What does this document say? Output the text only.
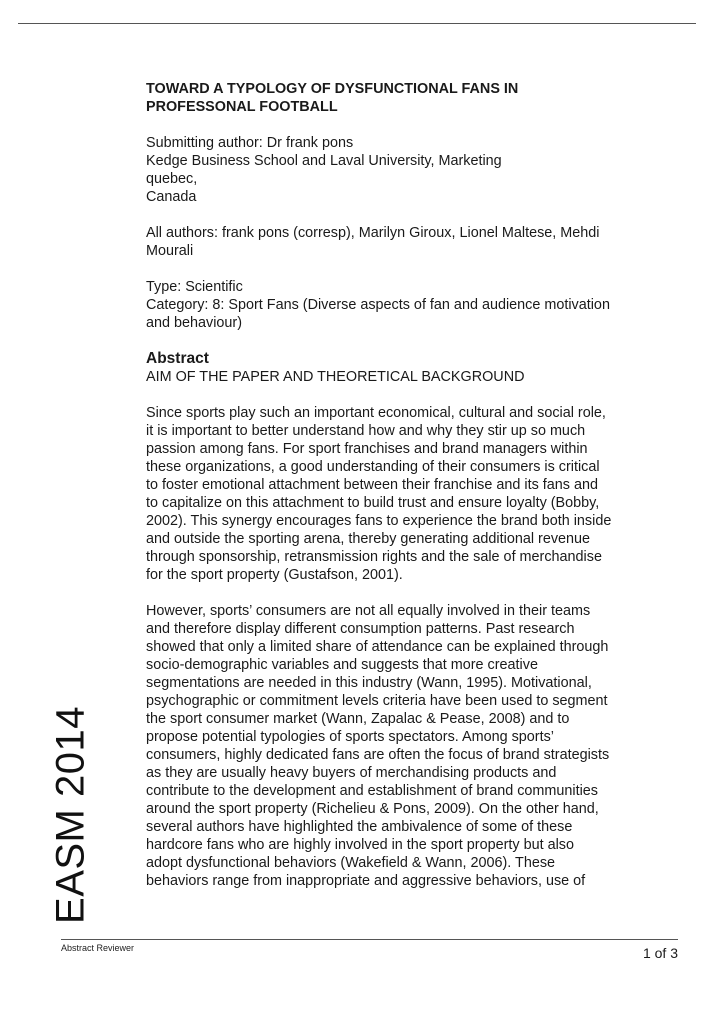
TOWARD A TYPOLOGY OF DYSFUNCTIONAL FANS IN
PROFESSONAL FOOTBALL
Submitting author: Dr frank pons
Kedge Business School and Laval University, Marketing
quebec,
Canada
All authors: frank pons (corresp), Marilyn Giroux, Lionel Maltese, Mehdi
Mourali
Type: Scientific
Category: 8: Sport Fans (Diverse aspects of fan and audience motivation
and behaviour)
Abstract
AIM OF THE PAPER AND THEORETICAL BACKGROUND
Since sports play such an important economical, cultural and social role,
it is important to better understand how and why they stir up so much
passion among fans. For sport franchises and brand managers within
these organizations, a good understanding of their consumers is critical
to foster emotional attachment between their franchise and its fans and
to capitalize on this attachment to build trust and ensure loyalty (Bobby,
2002). This synergy encourages fans to experience the brand both inside
and outside the sporting arena, thereby generating additional revenue
through sponsorship, retransmission rights and the sale of merchandise
for the sport property (Gustafson, 2001).
However, sports’ consumers are not all equally involved in their teams
and therefore display different consumption patterns. Past research
showed that only a limited share of attendance can be explained through
socio-demographic variables and suggests that more creative
segmentations are needed in this industry (Wann, 1995). Motivational,
psychographic or commitment levels criteria have been used to segment
the sport consumer market (Wann, Zapalac & Pease, 2008) and to
propose potential typologies of sports spectators. Among sports’
consumers, highly dedicated fans are often the focus of brand strategists
as they are usually heavy buyers of merchandising products and
contribute to the development and establishment of brand communities
around the sport property (Richelieu & Pons, 2009). On the other hand,
several authors have highlighted the ambivalence of some of these
hardcore fans who are highly involved in the sport property but also
adopt dysfunctional behaviors (Wakefield & Wann, 2006). These
behaviors range from inappropriate and aggressive behaviors, use of
EASM 2014
Abstract Reviewer	1 of 3
